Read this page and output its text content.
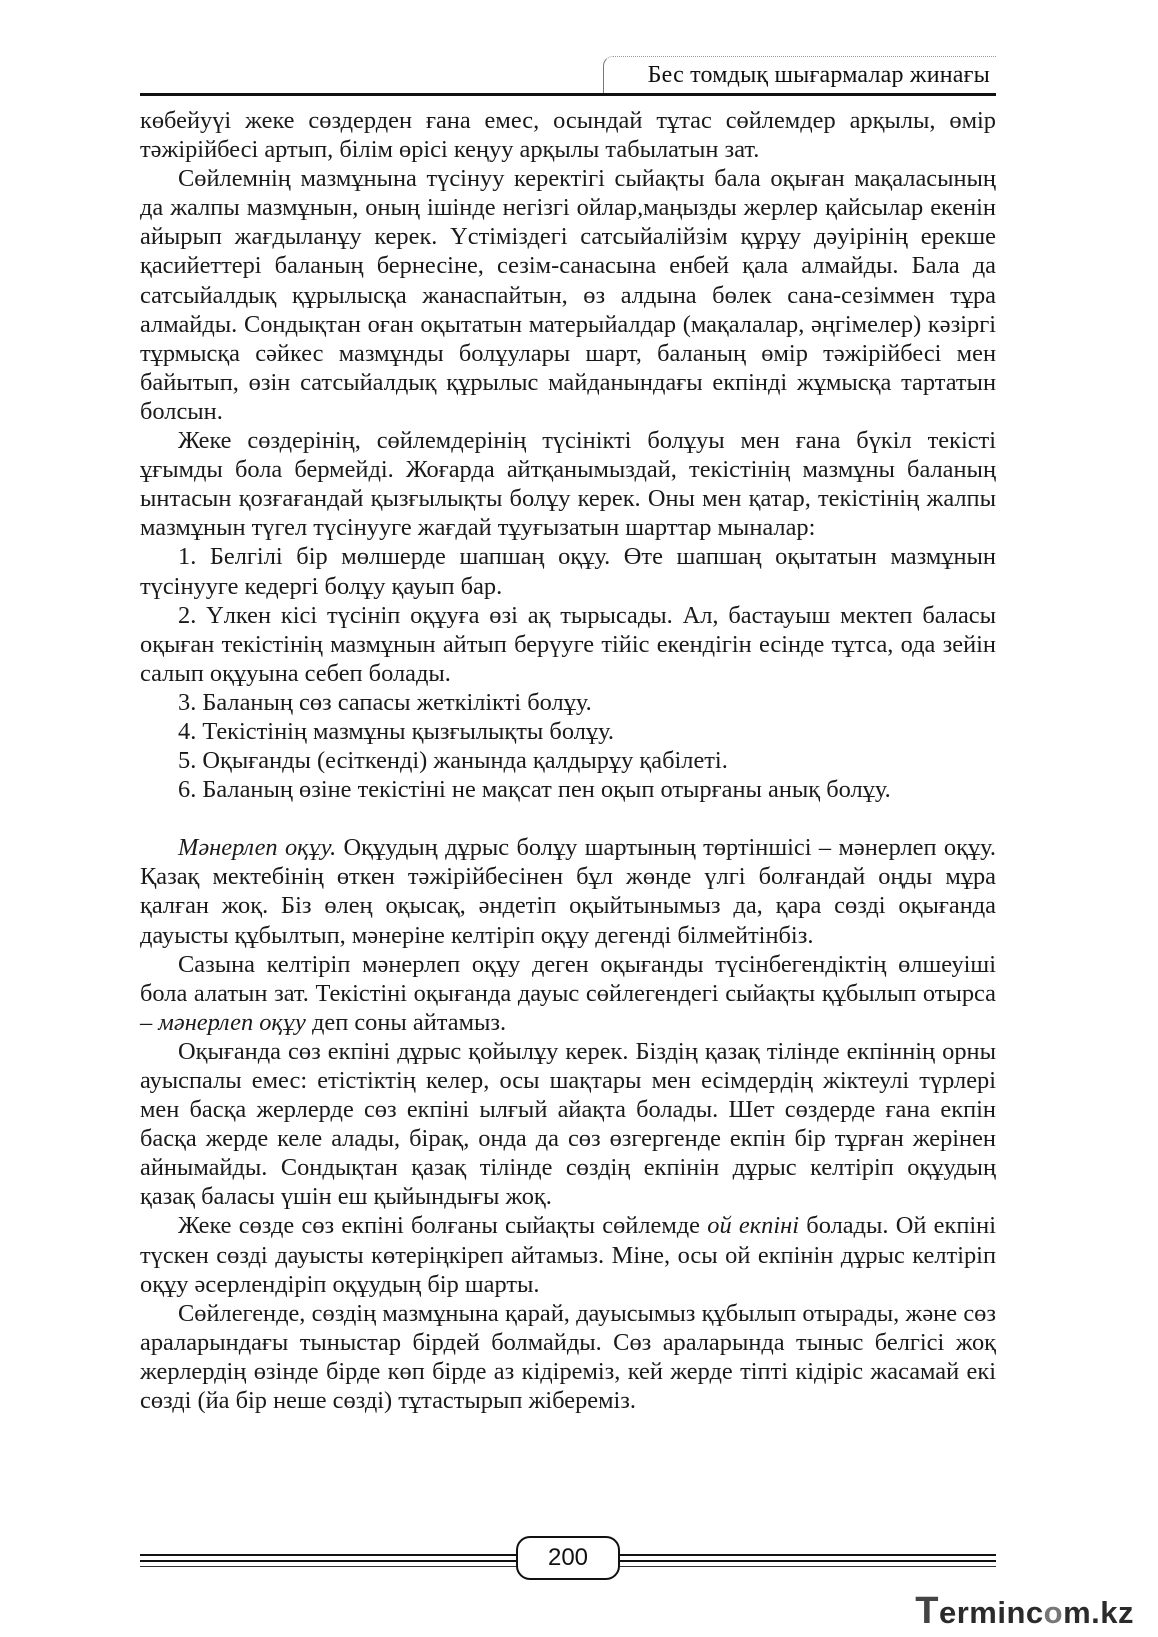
Бес томдық шығармалар жинағы

көбейуүі жеке сөздерден ғана емес, осындай тұтас сөйлемдер арқылы, өмір тәжірійбесі артып, білім өрісі кеңуу арқылы табылатын зат.

Сөйлемнің мазмұнына түсінуу керектігі сыйақты бала оқыған мақаласының да жалпы мазмұнын, оның ішінде негізгі ойлар,маңызды жерлер қайсылар екенін айырып жағдыланұу керек. Үстіміздегі сатсыйалійзім құрұу дәуірінің ерекше қасийеттері баланың бернесіне, сезім-санасына енбей қала алмайды. Бала да сатсыйалдық құрылысқа жанаспайтын, өз алдына бөлек сана-сезіммен тұра алмайды. Сондықтан оған оқытатын матерыйалдар (мақалалар, әңгімелер) кәзіргі тұрмысқа сәйкес мазмұнды болұулары шарт, баланың өмір тәжірійбесі мен байытып, өзін сатсыйалдық құрылыс майданындағы екпінді жұмысқа тартатын болсын.

Жеке сөздерінің, сөйлемдерінің түсінікті болұуы мен ғана бүкіл текісті ұғымды бола бермейді. Жоғарда айтқанымыздай, текістінің мазмұны баланың ынтасын қозғағандай қызғылықты болұу керек. Оны мен қатар, текістінің жалпы мазмұнын түгел түсінууге жағдай тұуғызатын шарттар мыналар:

1. Белгілі бір мөлшерде шапшаң оқұу. Өте шапшаң оқытатын мазмұнын түсінууге кедергі болұу қауып бар.

2. Үлкен кісі түсініп оқұуға өзі ақ тырысады. Ал, бастауыш мектеп баласы оқыған текістінің мазмұнын айтып берүуге тійіс екендігін есінде тұтса, ода зейін салып оқұуына себеп болады.

3. Баланың сөз сапасы жеткілікті болұу.

4. Текістінің мазмұны қызғылықты болұу.

5. Оқығанды (есіткенді) жанында қалдырұу қабілеті.

6. Баланың өзіне текістіні не мақсат пен оқып отырғаны анық болұу.

Мәнерлеп оқұу. Оқұудың дұрыс болұу шартының төртіншісі – мәнерлеп оқұу. Қазақ мектебінің өткен тәжірійбесінен бұл жөнде үлгі болғандай оңды мұра қалған жоқ. Біз өлең оқысақ, әндетіп оқыйтынымыз да, қара сөзді оқығанда дауысты құбылтып, мәнеріне келтіріп оқұу дегенді білмейтінбіз.

Сазына келтіріп мәнерлеп оқұу деген оқығанды түсінбегендіктің өлшеуіші бола алатын зат. Текістіні оқығанда дауыс сөйлегендегі сыйақты құбылып отырса – мәнерлеп оқұу деп соны айтамыз.

Оқығанда сөз екпіні дұрыс қойылұу керек. Біздің қазақ тілінде екпіннің орны ауыспалы емес: етістіктің келер, осы шақтары мен есімдердің жіктеулі түрлері мен басқа жерлерде сөз екпіні ылғый айақта болады. Шет сөздерде ғана екпін басқа жерде келе алады, бірақ, онда да сөз өзгергенде екпін бір тұрған жерінен айнымайды. Сондықтан қазақ тілінде сөздің екпінін дұрыс келтіріп оқұудың қазақ баласы үшін еш қыйындығы жоқ.

Жеке сөзде сөз екпіні болғаны сыйақты сөйлемде ой екпіні болады. Ой екпіні түскен сөзді дауысты көтеріңкіреп айтамыз. Міне, осы ой екпінін дұрыс келтіріп оқұу әсерлендіріп оқұудың бір шарты.

Сөйлегенде, сөздің мазмұнына қарай, дауысымыз құбылып отырады, және сөз араларындағы тыныстар бірдей болмайды. Сөз араларында тыныс белгісі жоқ жерлердің өзінде бірде көп бірде аз кідіреміз, кей жерде тіпті кідіріс жасамай екі сөзді (йа бір неше сөзді) тұтастырып жібереміз.

200
Termincom.kz
